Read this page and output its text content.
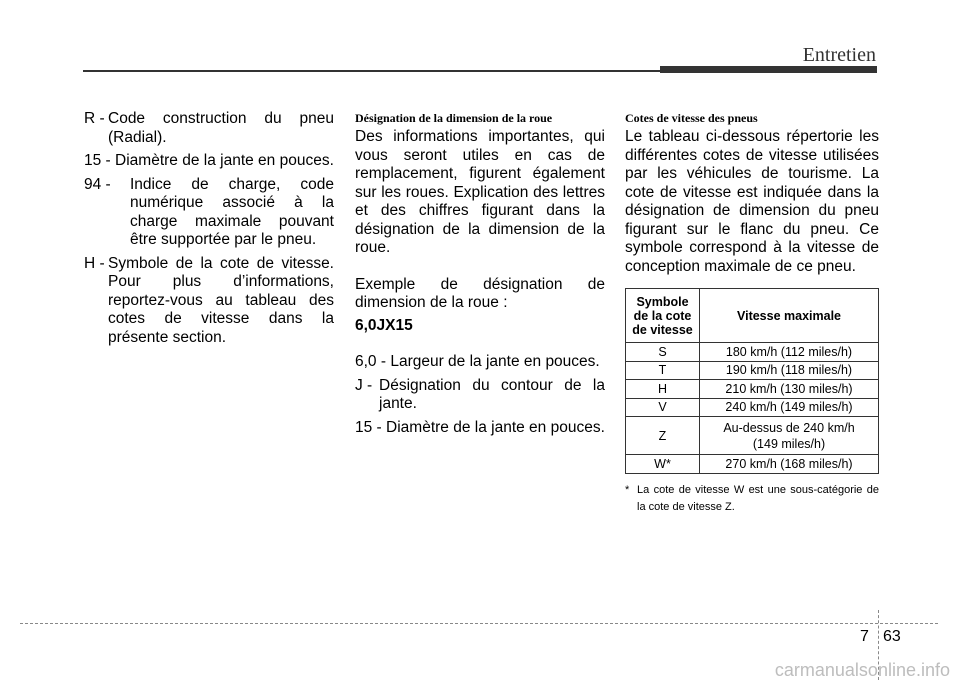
Entretien
R - Code construction du pneu (Radial).
15 - Diamètre de la jante en pouces.
94 -	Indice de charge, code numérique associé à la charge maximale pouvant être supportée par le pneu.
H - Symbole de la cote de vitesse. Pour plus d’informations, reportez-vous au tableau des cotes de vitesse dans la présente section.
Désignation de la dimension de la roue
Des informations importantes, qui vous seront utiles en cas de remplacement, figurent également sur les roues. Explication des lettres et des chiffres figurant dans la désignation de la dimension de la roue.
Exemple de désignation de dimension de la roue :
6,0JX15
6,0 - Largeur de la jante en pouces.
J - Désignation du contour de la jante.
15 - Diamètre de la jante en pouces.
Cotes de vitesse des pneus
Le tableau ci-dessous répertorie les différentes cotes de vitesse utilisées par les véhicules de tourisme. La cote de vitesse est indiquée dans la désignation de dimension du pneu figurant sur le flanc du pneu. Ce symbole correspond à la vitesse de conception maximale de ce pneu.
Symbole
de la cote
de vitesse	Vitesse maximale
S	180 km/h (112 miles/h)
T	190 km/h (118 miles/h)
H	210 km/h (130 miles/h)
V	240 km/h (149 miles/h)
Z	Au-dessus de 240 km/h
(149 miles/h)
W*	270 km/h (168 miles/h)
* La cote de vitesse W est une sous-catégorie de la cote de vitesse Z.
7 63
carmanualsonline.info
